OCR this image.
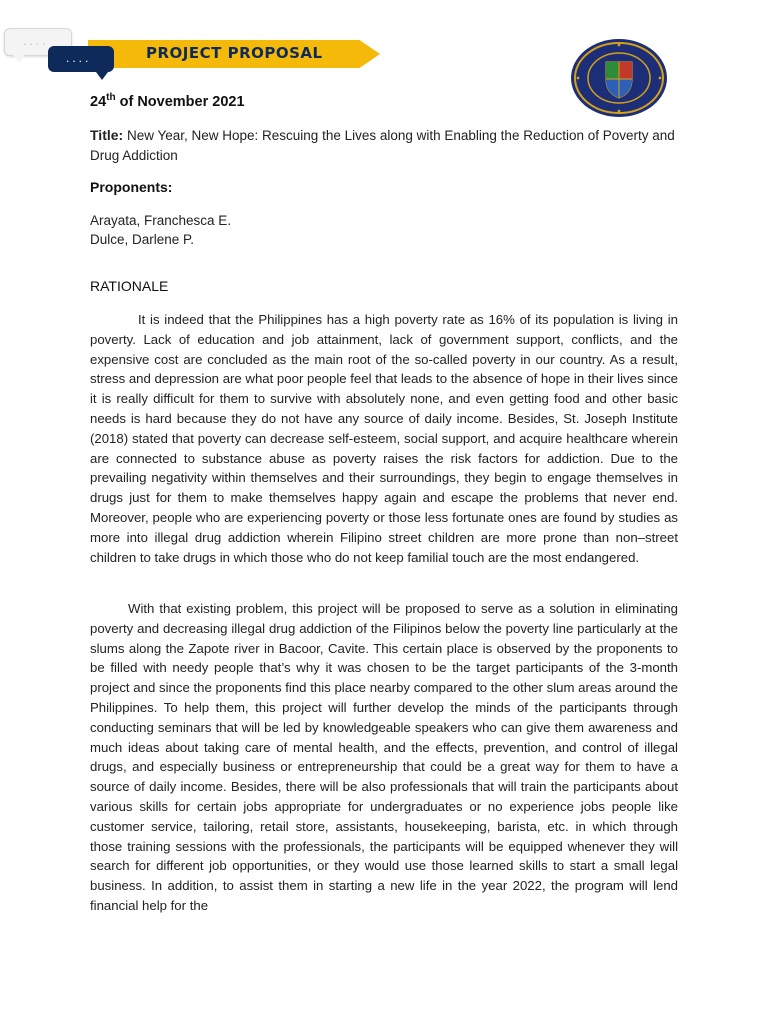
....
PROJECT PROPOSAL
....
24th of November 2021
Title: New Year, New Hope: Rescuing the Lives along with Enabling the Reduction of Poverty and Drug Addiction
Proponents:
Arayata, Franchesca E.
Dulce, Darlene P.
RATIONALE

It is indeed that the Philippines has a high poverty rate as 16% of its population is living in poverty. Lack of education and job attainment, lack of government support, conflicts, and the expensive cost are concluded as the main root of the so-called poverty in our country. As a result, stress and depression are what poor people feel that leads to the absence of hope in their lives since it is really difficult for them to survive with absolutely none, and even getting food and other basic needs is hard because they do not have any source of daily income. Besides, St. Joseph Institute (2018) stated that poverty can decrease self-esteem, social support, and acquire healthcare wherein are connected to substance abuse as poverty raises the risk factors for addiction. Due to the prevailing negativity within themselves and their surroundings, they begin to engage themselves in drugs just for them to make themselves happy again and escape the problems that never end. Moreover, people who are experiencing poverty or those less fortunate ones are found by studies as more into illegal drug addiction wherein Filipino street children are more prone than non–street children to take drugs in which those who do not keep familial touch are the most endangered.

With that existing problem, this project will be proposed to serve as a solution in eliminating poverty and decreasing illegal drug addiction of the Filipinos below the poverty line particularly at the slums along the Zapote river in Bacoor, Cavite. This certain place is observed by the proponents to be filled with needy people that’s why it was chosen to be the target participants of the 3-month project and since the proponents find this place nearby compared to the other slum areas around the Philippines. To help them, this project will further develop the minds of the participants through conducting seminars that will be led by knowledgeable speakers who can give them awareness and much ideas about taking care of mental health, and the effects, prevention, and control of illegal drugs, and especially business or entrepreneurship that could be a great way for them to have a source of daily income. Besides, there will be also professionals that will train the participants about various skills for certain jobs appropriate for undergraduates or no experience jobs people like customer service, tailoring, retail store, assistants, housekeeping, barista, etc. in which through those training sessions with the professionals, the participants will be equipped whenever they will search for different job opportunities, or they would use those learned skills to start a small legal business. In addition, to assist them in starting a new life in the year 2022, the program will lend financial help for the
